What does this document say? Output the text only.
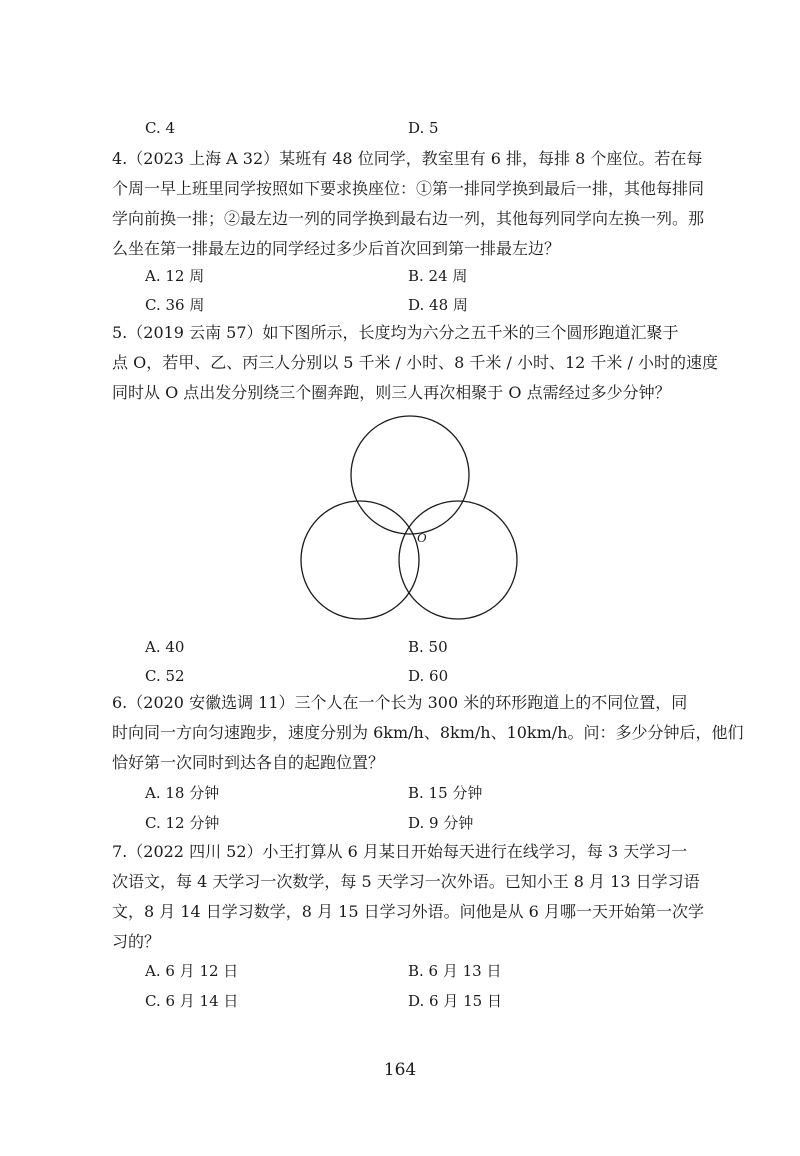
C. 4	D. 5
4.（2023 上海 A 32）某班有 48 位同学，教室里有 6 排，每排 8 个座位。若在每
个周一早上班里同学按照如下要求换座位：①第一排同学换到最后一排，其他每排同
学向前换一排；②最左边一列的同学换到最右边一列，其他每列同学向左换一列。那
么坐在第一排最左边的同学经过多少后首次回到第一排最左边？
A. 12 周	B. 24 周
C. 36 周	D. 48 周
5.（2019 云南 57）如下图所示，长度均为六分之五千米的三个圆形跑道汇聚于
点 O，若甲、乙、丙三人分别以 5 千米 / 小时、8 千米 / 小时、12 千米 / 小时的速度
同时从 O 点出发分别绕三个圈奔跑，则三人再次相聚于 O 点需经过多少分钟？
O
A. 40	B. 50
C. 52	D. 60
6.（2020 安徽选调 11）三个人在一个长为 300 米的环形跑道上的不同位置，同
时向同一方向匀速跑步，速度分别为 6km/h、8km/h、10km/h。问：多少分钟后，他们
恰好第一次同时到达各自的起跑位置？
A. 18 分钟	B. 15 分钟
C. 12 分钟	D. 9 分钟
7.（2022 四川 52）小王打算从 6 月某日开始每天进行在线学习，每 3 天学习一
次语文，每 4 天学习一次数学，每 5 天学习一次外语。已知小王 8 月 13 日学习语
文，8 月 14 日学习数学，8 月 15 日学习外语。问他是从 6 月哪一天开始第一次学
习的？
A. 6 月 12 日	B. 6 月 13 日
C. 6 月 14 日	D. 6 月 15 日
164
